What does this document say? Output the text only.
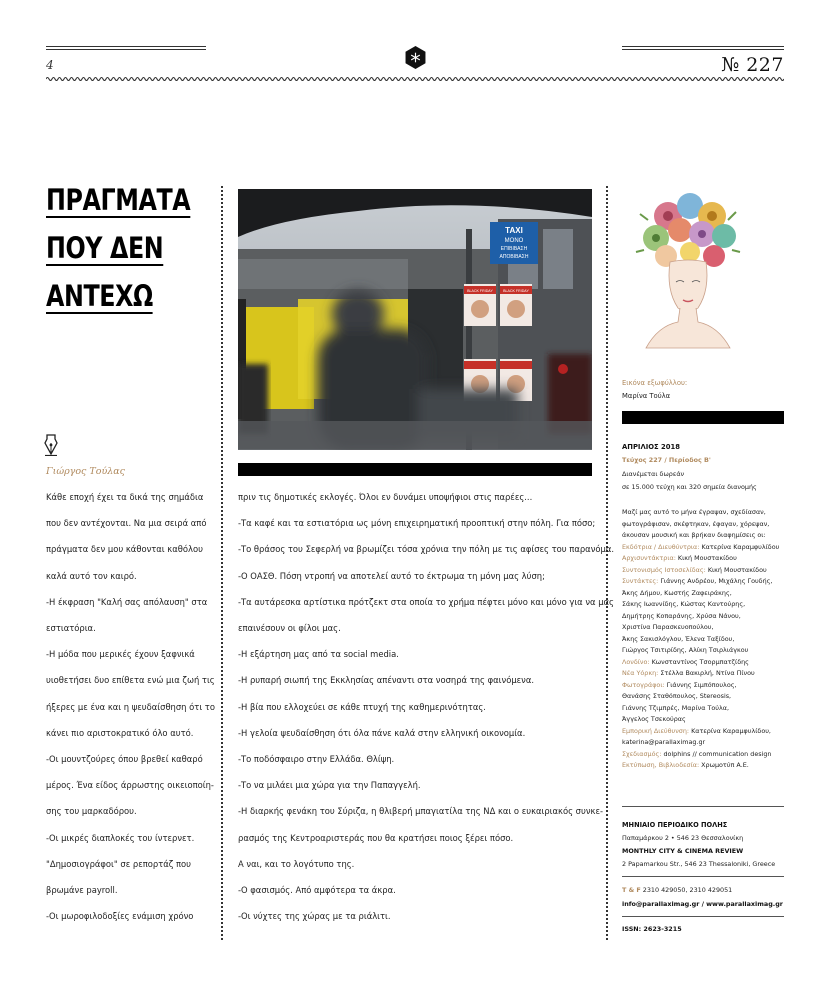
4	№ 227
ΠΡΑΓΜΑΤΑ
ΠΟΥ ΔΕΝ
ΑΝΤΕΧΩ
Γιώργος Τούλας

Κάθε εποχή έχει τα δικά της σημάδια

που δεν αντέχονται. Να μια σειρά από

πράγματα δεν μου κάθονται καθόλου

καλά αυτό τον καιρό.

-Η έκφραση "Καλή σας απόλαυση" στα

εστιατόρια.

-Η μόδα που μερικές έχουν ξαφνικά

υιοθετήσει δυο επίθετα ενώ μια ζωή τις

ήξερες με ένα και η ψευδαίσθηση ότι το

κάνει πιο αριστοκρατικό όλο αυτό.

-Οι μουντζούρες όπου βρεθεί καθαρό

μέρος. Ένα είδος άρρωστης οικειοποίη-

σης του μαρκαδόρου.

-Οι μικρές διαπλοκές του ίντερνετ.

"Δημοσιογράφοι" σε ρεπορτάζ που

βρωμάνε payroll.

-Οι μωροφιλοδοξίες ενάμιση χρόνο

TAXI
ΜΟΝΟ
ΕΠΙΒΙΒΑΣΗ
ΑΠΟΒΙΒΑΣΗ
BLACK FRIDAY	BLACK FRIDAY

πριν τις δημοτικές εκλογές. Όλοι εν δυνάμει υποψήφιοι στις παρέες...

-Τα καφέ και τα εστιατόρια ως μόνη επιχειρηματική προοπτική στην πόλη. Για πόσο;

-Το θράσος του Σεφερλή να βρωμίζει τόσα χρόνια την πόλη με τις αφίσες του παρανόμα.

-Ο ΟΑΣΘ. Πόση ντροπή να αποτελεί αυτό το έκτρωμα τη μόνη μας λύση;

-Τα αυτάρεσκα αρτίστικα πρότζεκτ στα οποία το χρήμα πέφτει μόνο και μόνο για να μας

επαινέσουν οι φίλοι μας.

-Η εξάρτηση μας από τα social media.

-Η ρυπαρή σιωπή της Εκκλησίας απέναντι στα νοσηρά της φαινόμενα.

-Η βία που ελλοχεύει σε κάθε πτυχή της καθημερινότητας.

-Η γελοία ψευδαίσθηση ότι όλα πάνε καλά στην ελληνική οικονομία.

-Το ποδόσφαιρο στην Ελλάδα. Θλίψη.

-Το να μιλάει μια χώρα για την Παπαγγελή.

-Η διαρκής φενάκη του Σύριζα, η θλιβερή μπαγιατίλα της ΝΔ και ο ευκαιριακός συνκε-

ρασμός της Κεντροαριστεράς που θα κρατήσει ποιος ξέρει πόσο.

Α ναι, και το λογότυπο της.

-Ο φασισμός. Από αμφότερα τα άκρα.

-Οι νύχτες της χώρας με τα ριάλιτι.

Εικόνα εξωφύλλου:
Μαρίνα Τούλα
ΑΠΡΙΛΙΟΣ 2018
Τεύχος 227 / Περίοδος Β'
Διανέμεται δωρεάν
σε 15.000 τεύχη και 320 σημεία διανομής
Μαζί μας αυτό το μήνα έγραψαν, σχεδίασαν,
φωτογράφισαν, σκέφτηκαν, έφαγαν, χόρεψαν,
άκουσαν μουσική και βρήκαν διαφημίσεις οι:
Εκδότρια / Διευθύντρια: Κατερίνα Καραμφυλίδου
Αρχισυντάκτρια: Κική Μουστακίδου
Συντονισμός Ιστοσελίδας: Κική Μουστακίδου
Συντάκτες: Γιάννης Ανδρέου, Μιχάλης Γουδής,
Άκης Δήμου, Κωστής Ζαφειράκης,
Σάκης Ιωαννίδης, Κώστας Καντούρης,
Δημήτρης Κοπαράνης, Χρύσα Νάνου,
Χριστίνα Παρασκευοπούλου,
Άκης Σακισλόγλου, Έλενα Ταξίδου,
Γιώργος Τσιτιρίδης, Αλίκη Τσιρλιάγκου
Λονδίνο: Κωνσταντίνος Τσορμπατζίδης
Νέα Υόρκη: Στέλλα Βακιρλή, Ντίνα Πίνου
Φωτογράφοι: Γιάννης Σιμπόπουλος,
Θανάσης Σταθόπουλος, Stereosis,
Γιάννης Τζιμπρές, Μαρίνα Τούλα,
Άγγελος Τσεκούρας
Εμπορική Διεύθυνση: Κατερίνα Καραμφυλίδου,
katerina@parallaximag.gr
Σχεδιασμός: dolphins // communication design
Εκτύπωση, Βιβλιοδεσία: Χρωμοτύπ Α.Ε.
ΜΗΝΙΑΙΟ ΠΕΡΙΟΔΙΚΟ ΠΟΛΗΣ
Παπαμάρκου 2 • 546 23 Θεσσαλονίκη
MONTHLY CITY & CINEMA REVIEW
2 Papamarkou Str., 546 23 Thessaloniki, Greece
T & F 2310 429050, 2310 429051
info@parallaximag.gr / www.parallaximag.gr
ISSN: 2623-3215
